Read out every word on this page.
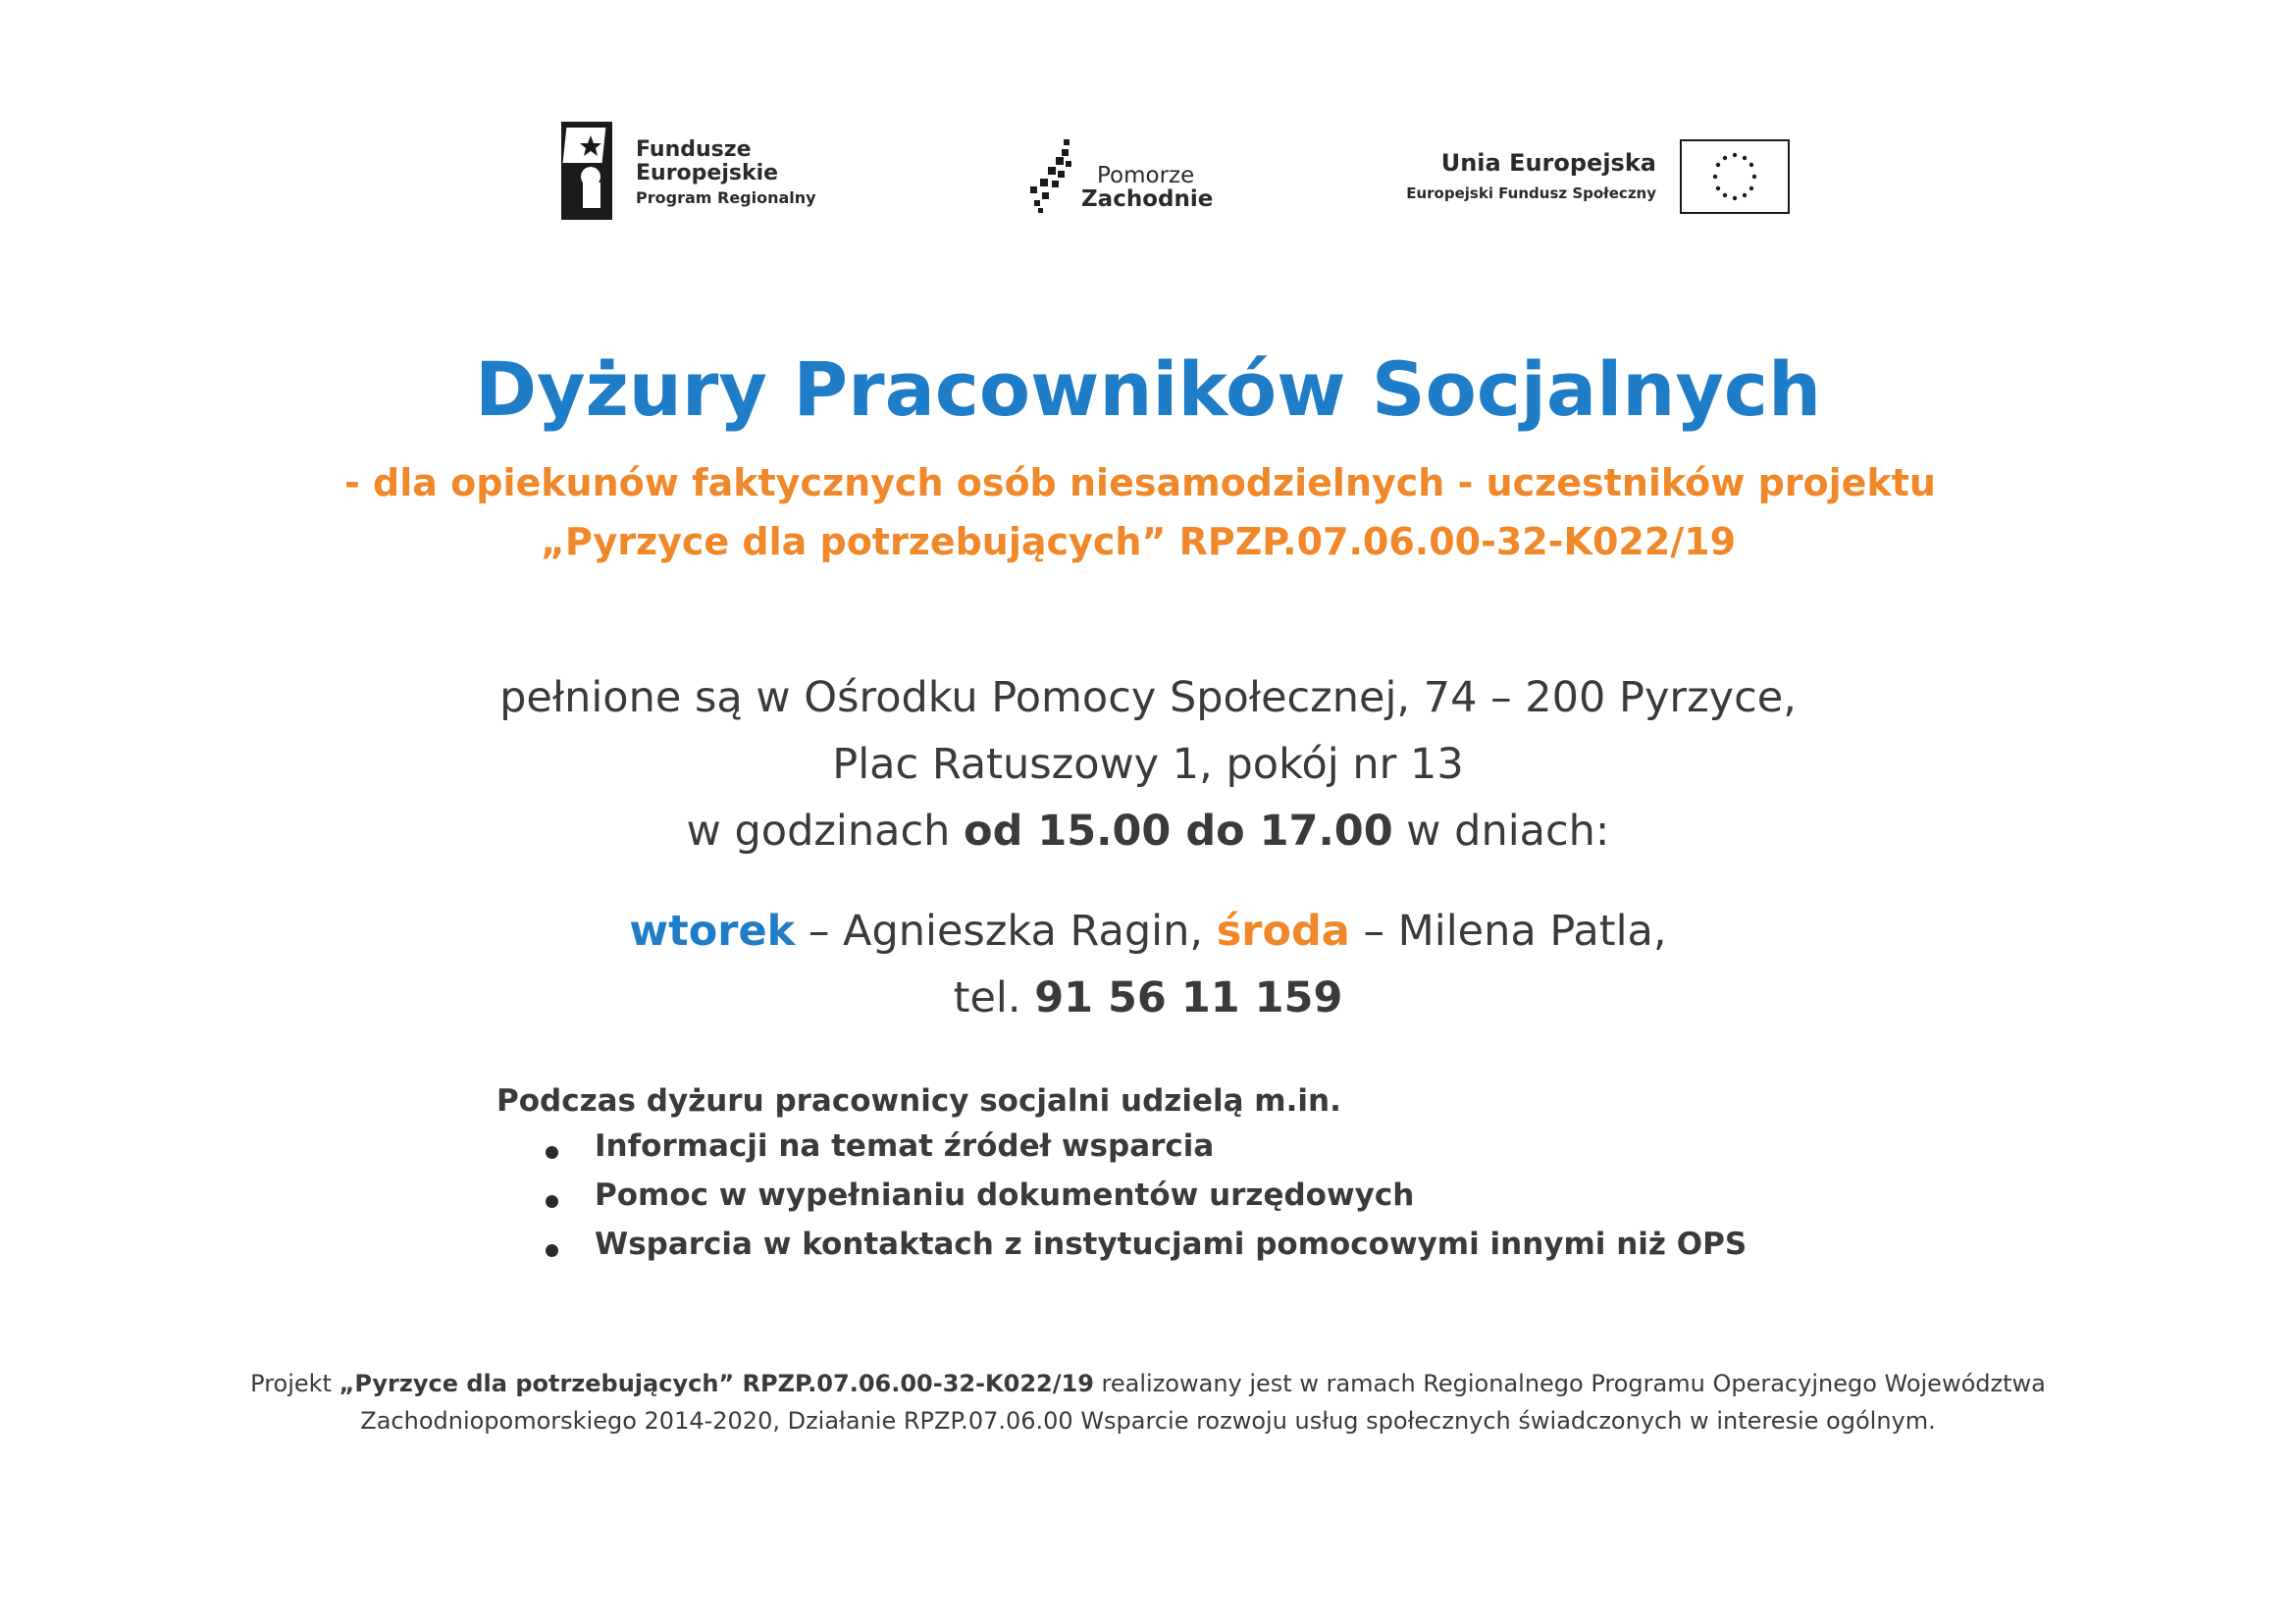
Fundusze
Europejskie
Program Regionalny
Pomorze
Zachodnie
Unia Europejska
Europejski Fundusz Społeczny
Dyżury Pracowników Socjalnych
- dla opiekunów faktycznych osób niesamodzielnych - uczestników projektu
„Pyrzyce dla potrzebujących” RPZP.07.06.00-32-K022/19
pełnione są w Ośrodku Pomocy Społecznej, 74 – 200 Pyrzyce,
Plac Ratuszowy 1, pokój nr 13
w godzinach od 15.00 do 17.00 w dniach:
wtorek – Agnieszka Ragin, środa – Milena Patla,
tel. 91 56 11 159
Podczas dyżuru pracownicy socjalni udzielą m.in.
Informacji na temat źródeł wsparcia
Pomoc w wypełnianiu dokumentów urzędowych
Wsparcia w kontaktach z instytucjami pomocowymi innymi niż OPS
Projekt „Pyrzyce dla potrzebujących” RPZP.07.06.00-32-K022/19 realizowany jest w ramach Regionalnego Programu Operacyjnego Województwa
Zachodniopomorskiego 2014-2020, Działanie RPZP.07.06.00 Wsparcie rozwoju usług społecznych świadczonych w interesie ogólnym.
